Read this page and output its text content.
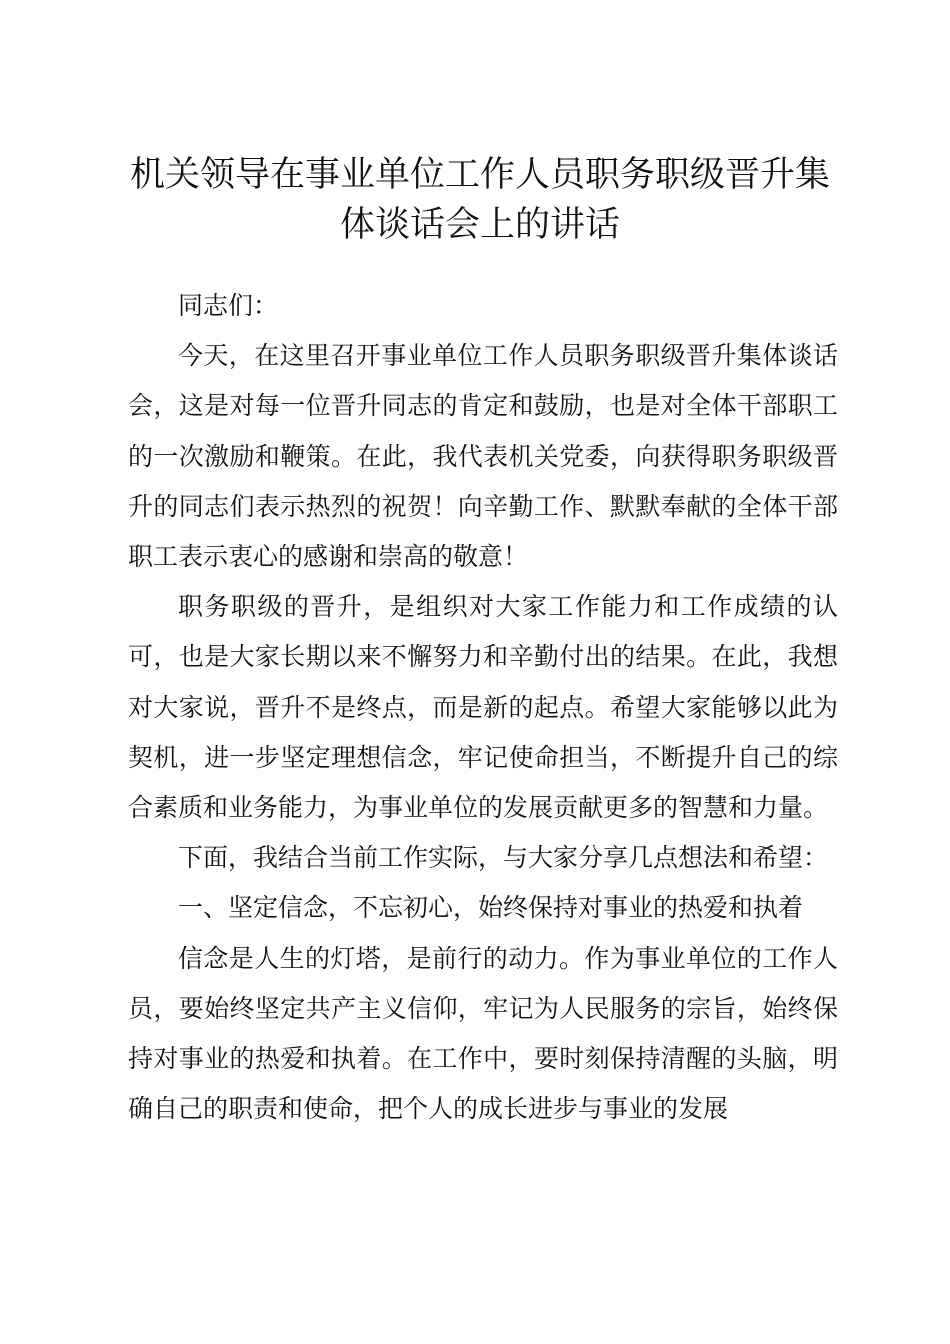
机关领导在事业单位工作人员职务职级晋升集
体谈话会上的讲话

同志们：

今天，在这里召开事业单位工作人员职务职级晋升集体谈话会，这是对每一位晋升同志的肯定和鼓励，也是对全体干部职工的一次激励和鞭策。在此，我代表机关党委，向获得职务职级晋升的同志们表示热烈的祝贺！向辛勤工作、默默奉献的全体干部职工表示衷心的感谢和崇高的敬意！

职务职级的晋升，是组织对大家工作能力和工作成绩的认可，也是大家长期以来不懈努力和辛勤付出的结果。在此，我想对大家说，晋升不是终点，而是新的起点。希望大家能够以此为契机，进一步坚定理想信念，牢记使命担当，不断提升自己的综合素质和业务能力，为事业单位的发展贡献更多的智慧和力量。

下面，我结合当前工作实际，与大家分享几点想法和希望：

一、坚定信念，不忘初心，始终保持对事业的热爱和执着

信念是人生的灯塔，是前行的动力。作为事业单位的工作人员，要始终坚定共产主义信仰，牢记为人民服务的宗旨，始终保持对事业的热爱和执着。在工作中，要时刻保持清醒的头脑，明确自己的职责和使命，把个人的成长进步与事业的发展
